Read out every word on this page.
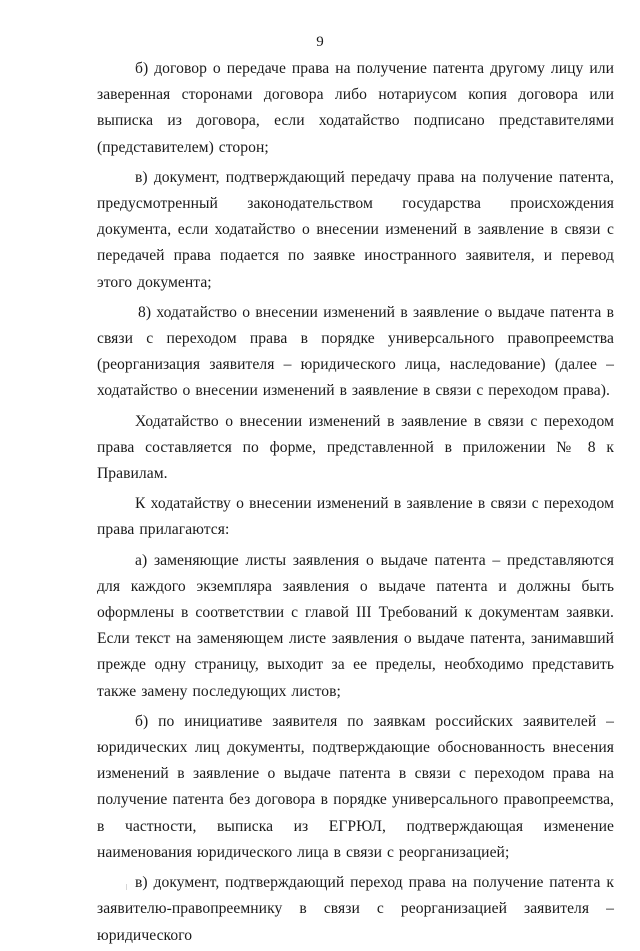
9

б) договор о передаче права на получение патента другому лицу или заверенная сторонами договора либо нотариусом копия договора или выписка из договора, если ходатайство подписано представителями (представителем) сторон;

в) документ, подтверждающий передачу права на получение патента, предусмотренный законодательством государства происхождения документа, если ходатайство о внесении изменений в заявление в связи с передачей права подается по заявке иностранного заявителя, и перевод этого документа;

8) ходатайство о внесении изменений в заявление о выдаче патента в связи с переходом права в порядке универсального правопреемства (реорганизация заявителя – юридического лица, наследование) (далее – ходатайство о внесении изменений в заявление в связи с переходом права).

Ходатайство о внесении изменений в заявление в связи с переходом права составляется по форме, представленной в приложении № 8 к Правилам.

К ходатайству о внесении изменений в заявление в связи с переходом права прилагаются:

а) заменяющие листы заявления о выдаче патента – представляются для каждого экземпляра заявления о выдаче патента и должны быть оформлены в соответствии с главой III Требований к документам заявки. Если текст на заменяющем листе заявления о выдаче патента, занимавший прежде одну страницу, выходит за ее пределы, необходимо представить также замену последующих листов;

б) по инициативе заявителя по заявкам российских заявителей – юридических лиц документы, подтверждающие обоснованность внесения изменений в заявление о выдаче патента в связи с переходом права на получение патента без договора в порядке универсального правопреемства, в частности, выписка из ЕГРЮЛ, подтверждающая изменение наименования юридического лица в связи с реорганизацией;

в) документ, подтверждающий переход права на получение патента к заявителю-правопреемнику в связи с реорганизацией заявителя – юридического
